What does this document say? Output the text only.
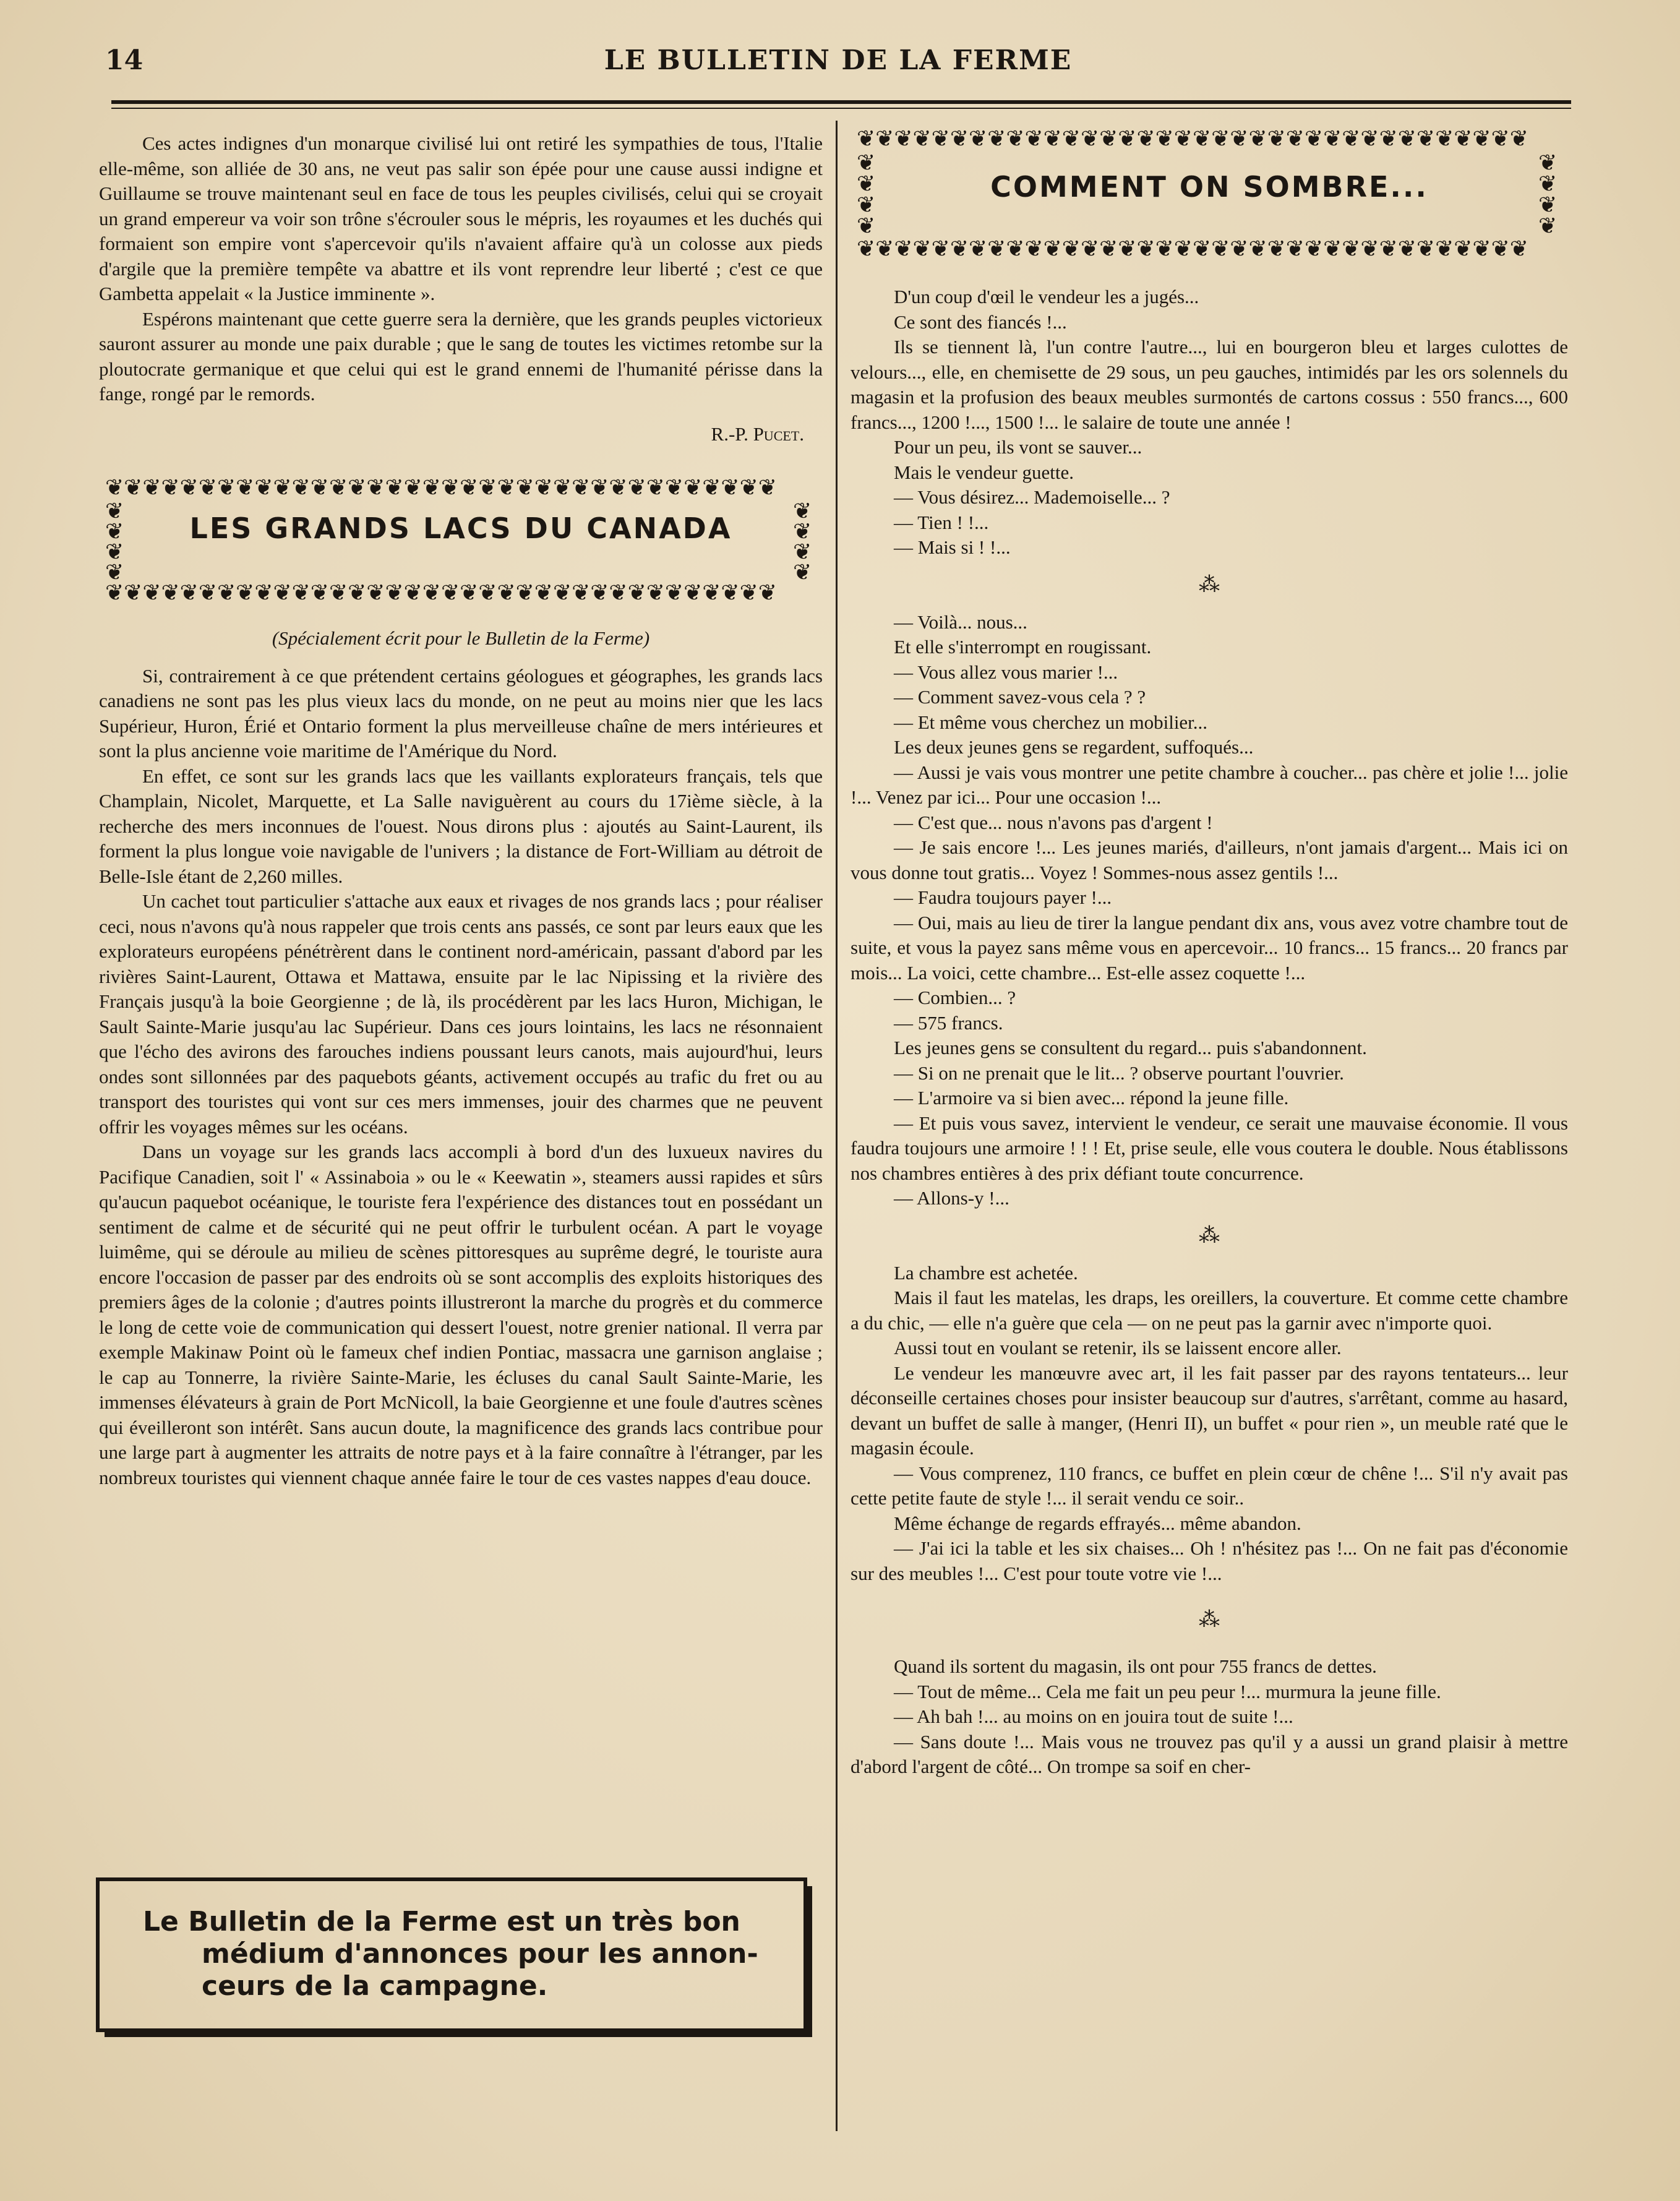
14	LE BULLETIN DE LA FERME

Ces actes indignes d'un monarque civilisé lui ont retiré les sympathies de tous, l'Italie elle-même, son alliée de 30 ans, ne veut pas salir son épée pour une cause aussi indigne et Guillaume se trouve maintenant seul en face de tous les peuples civilisés, celui qui se croyait un grand empereur va voir son trône s'écrouler sous le mépris, les royaumes et les duchés qui formaient son empire vont s'apercevoir qu'ils n'avaient affaire qu'à un colosse aux pieds d'argile que la première tempête va abattre et ils vont reprendre leur liberté ; c'est ce que Gambetta appelait « la Justice imminente ».

Espérons maintenant que cette guerre sera la dernière, que les grands peuples victorieux sauront assurer au monde une paix durable ; que le sang de toutes les victimes retombe sur la ploutocrate germanique et que celui qui est le grand ennemi de l'humanité périsse dans la fange, rongé par le remords.

R.-P. Pucet.
❦❦❦❦❦❦❦❦❦❦❦❦❦❦❦❦❦❦❦❦❦❦❦❦❦❦❦❦❦❦❦❦❦❦❦❦
❦❦❦❦❦❦❦❦❦❦❦❦❦❦❦❦❦❦❦❦❦❦❦❦❦❦❦❦❦❦❦❦❦❦❦❦
❦
❦
❦
❦
❦
❦
❦
❦
LES GRANDS LACS DU CANADA
(Spécialement écrit pour le Bulletin de la Ferme)

Si, contrairement à ce que prétendent certains géologues et géographes, les grands lacs canadiens ne sont pas les plus vieux lacs du monde, on ne peut au moins nier que les lacs Supérieur, Huron, Érié et Ontario forment la plus merveilleuse chaîne de mers intérieures et sont la plus ancienne voie maritime de l'Amérique du Nord.

En effet, ce sont sur les grands lacs que les vaillants explorateurs français, tels que Champlain, Nicolet, Marquette, et La Salle naviguèrent au cours du 17ième siècle, à la recherche des mers inconnues de l'ouest. Nous dirons plus : ajoutés au Saint-Laurent, ils forment la plus longue voie navigable de l'univers ; la distance de Fort-William au détroit de Belle-Isle étant de 2,260 milles.

Un cachet tout particulier s'attache aux eaux et rivages de nos grands lacs ; pour réaliser ceci, nous n'avons qu'à nous rappeler que trois cents ans passés, ce sont par leurs eaux que les explorateurs européens pénétrèrent dans le continent nord-américain, passant d'abord par les rivières Saint-Laurent, Ottawa et Mattawa, ensuite par le lac Nipissing et la rivière des Français jusqu'à la boie Georgienne ; de là, ils procédèrent par les lacs Huron, Michigan, le Sault Sainte-Marie jusqu'au lac Supérieur. Dans ces jours lointains, les lacs ne résonnaient que l'écho des avirons des farouches indiens poussant leurs canots, mais aujourd'hui, leurs ondes sont sillonnées par des paquebots géants, activement occupés au trafic du fret ou au transport des touristes qui vont sur ces mers immenses, jouir des charmes que ne peuvent offrir les voyages mêmes sur les océans.

Dans un voyage sur les grands lacs accompli à bord d'un des luxueux navires du Pacifique Canadien, soit l' « Assinaboia » ou le « Keewatin », steamers aussi rapides et sûrs qu'aucun paquebot océanique, le touriste fera l'expérience des distances tout en possédant un sentiment de calme et de sécurité qui ne peut offrir le turbulent océan. A part le voyage luimême, qui se déroule au milieu de scènes pittoresques au suprême degré, le touriste aura encore l'occasion de passer par des endroits où se sont accomplis des exploits historiques des premiers âges de la colonie ; d'autres points illustreront la marche du progrès et du commerce le long de cette voie de communication qui dessert l'ouest, notre grenier national. Il verra par exemple Makinaw Point où le fameux chef indien Pontiac, massacra une garnison anglaise ; le cap au Tonnerre, la rivière Sainte-Marie, les écluses du canal Sault Sainte-Marie, les immenses élévateurs à grain de Port McNicoll, la baie Georgienne et une foule d'autres scènes qui éveilleront son intérêt. Sans aucun doute, la magnificence des grands lacs contribue pour une large part à augmenter les attraits de notre pays et à la faire connaître à l'étranger, par les nombreux touristes qui viennent chaque année faire le tour de ces vastes nappes d'eau douce.

Le Bulletin de la Ferme est un très bon
médium d'annonces pour les annon-
ceurs de la campagne.
❦❦❦❦❦❦❦❦❦❦❦❦❦❦❦❦❦❦❦❦❦❦❦❦❦❦❦❦❦❦❦❦❦❦❦❦
❦❦❦❦❦❦❦❦❦❦❦❦❦❦❦❦❦❦❦❦❦❦❦❦❦❦❦❦❦❦❦❦❦❦❦❦
❦
❦
❦
❦
❦
❦
❦
❦
COMMENT ON SOMBRE...

D'un coup d'œil le vendeur les a jugés...

Ce sont des fiancés !...

Ils se tiennent là, l'un contre l'autre..., lui en bourgeron bleu et larges culottes de velours..., elle, en chemisette de 29 sous, un peu gauches, intimidés par les ors solennels du magasin et la profusion des beaux meubles surmontés de cartons cossus : 550 francs..., 600 francs..., 1200 !..., 1500 !... le salaire de toute une année !

Pour un peu, ils vont se sauver...

Mais le vendeur guette.

— Vous désirez... Mademoiselle... ?

— Tien ! !...

— Mais si ! !...

⁂

— Voilà... nous...

Et elle s'interrompt en rougissant.

— Vous allez vous marier !...

— Comment savez-vous cela ? ?

— Et même vous cherchez un mobilier...

Les deux jeunes gens se regardent, suffoqués...

— Aussi je vais vous montrer une petite chambre à coucher... pas chère et jolie !... jolie !... Venez par ici... Pour une occasion !...

— C'est que... nous n'avons pas d'argent !

— Je sais encore !... Les jeunes mariés, d'ailleurs, n'ont jamais d'argent... Mais ici on vous donne tout gratis... Voyez ! Sommes-nous assez gentils !...

— Faudra toujours payer !...

— Oui, mais au lieu de tirer la langue pendant dix ans, vous avez votre chambre tout de suite, et vous la payez sans même vous en apercevoir... 10 francs... 15 francs... 20 francs par mois... La voici, cette chambre... Est-elle assez coquette !...

— Combien... ?

— 575 francs.

Les jeunes gens se consultent du regard... puis s'abandonnent.

— Si on ne prenait que le lit... ? observe pourtant l'ouvrier.

— L'armoire va si bien avec... répond la jeune fille.

— Et puis vous savez, intervient le vendeur, ce serait une mauvaise économie. Il vous faudra toujours une armoire ! ! ! Et, prise seule, elle vous coutera le double. Nous établissons nos chambres entières à des prix défiant toute concurrence.

— Allons-y !...

⁂

La chambre est achetée.

Mais il faut les matelas, les draps, les oreillers, la couverture. Et comme cette chambre a du chic, — elle n'a guère que cela — on ne peut pas la garnir avec n'importe quoi.

Aussi tout en voulant se retenir, ils se laissent encore aller.

Le vendeur les manœuvre avec art, il les fait passer par des rayons tentateurs... leur déconseille certaines choses pour insister beaucoup sur d'autres, s'arrêtant, comme au hasard, devant un buffet de salle à manger, (Henri II), un buffet « pour rien », un meuble raté que le magasin écoule.

— Vous comprenez, 110 francs, ce buffet en plein cœur de chêne !... S'il n'y avait pas cette petite faute de style !... il serait vendu ce soir..

Même échange de regards effrayés... même abandon.

— J'ai ici la table et les six chaises... Oh ! n'hésitez pas !... On ne fait pas d'économie sur des meubles !... C'est pour toute votre vie !...

⁂

Quand ils sortent du magasin, ils ont pour 755 francs de dettes.

— Tout de même... Cela me fait un peu peur !... murmura la jeune fille.

— Ah bah !... au moins on en jouira tout de suite !...

— Sans doute !... Mais vous ne trouvez pas qu'il y a aussi un grand plaisir à mettre d'abord l'argent de côté... On trompe sa soif en cher-
